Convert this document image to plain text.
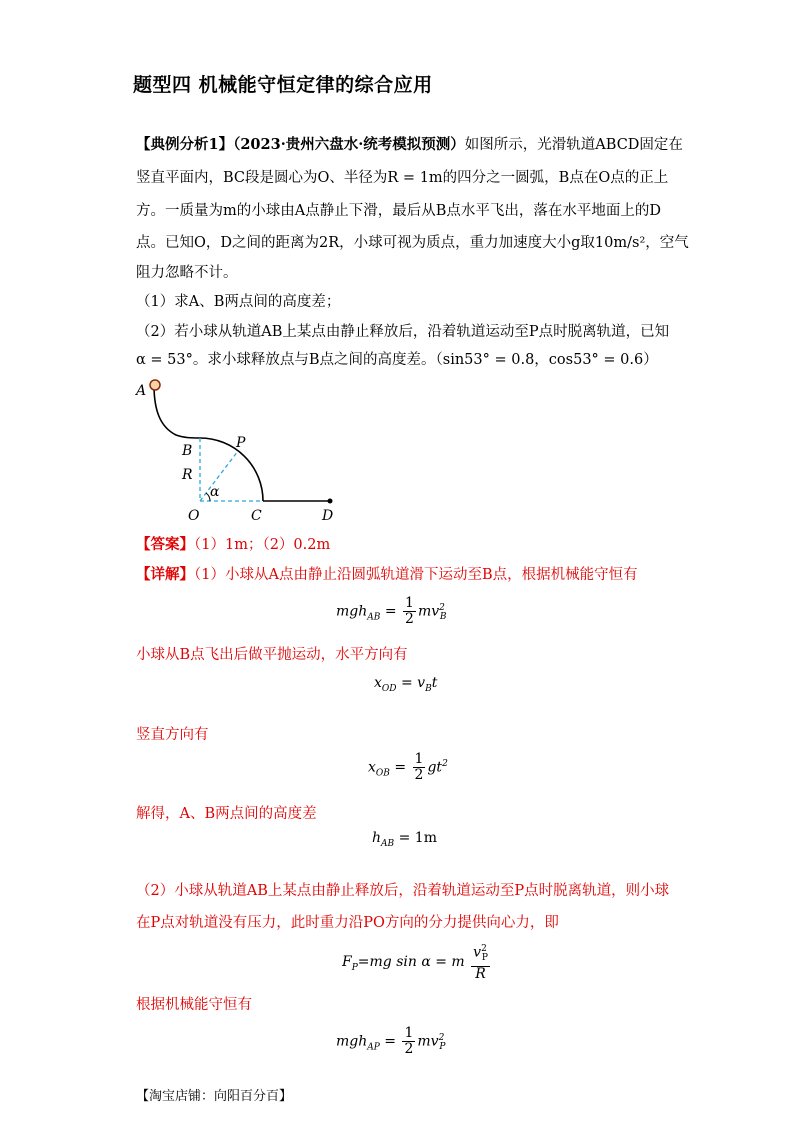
题型四 机械能守恒定律的综合应用
【典例分析1】（2023·贵州六盘水·统考模拟预测）如图所示，光滑轨道ABCD固定在
竖直平面内，BC段是圆心为O、半径为R = 1m的四分之一圆弧，B点在O点的正上
方。一质量为m的小球由A点静止下滑，最后从B点水平飞出，落在水平地面上的D
点。已知O，D之间的距离为2R，小球可视为质点，重力加速度大小g取10m/s²，空气
阻力忽略不计。
（1）求A、B两点间的高度差；
（2）若小球从轨道AB上某点由静止释放后，沿着轨道运动至P点时脱离轨道，已知
α = 53°。求小球释放点与B点之间的高度差。（sin53° = 0.8，cos53° = 0.6）
A
B	P
R
α
O	C	D
【答案】（1）1m；（2）0.2m
【详解】（1）小球从A点由静止沿圆弧轨道滑下运动至B点，根据机械能守恒有
$mgh_{AB} = \frac{1}{2} mv^2_B$
小球从B点飞出后做平抛运动，水平方向有
$x_{OD} = v_Bt$
竖直方向有
$x_{OB} = \frac{1}{2} gt^2$
解得，A、B两点间的高度差
$h_{AB} = 1m$
（2）小球从轨道AB上某点由静止释放后，沿着轨道运动至P点时脱离轨道，则小球
在P点对轨道没有压力，此时重力沿PO方向的分力提供向心力，即
$F_P=mg$ sin α = m $\frac{v^2_P}{R}$
根据机械能守恒有
$mgh_{AP} = \frac{1}{2} mv^2_P$
【淘宝店铺：向阳百分百】
